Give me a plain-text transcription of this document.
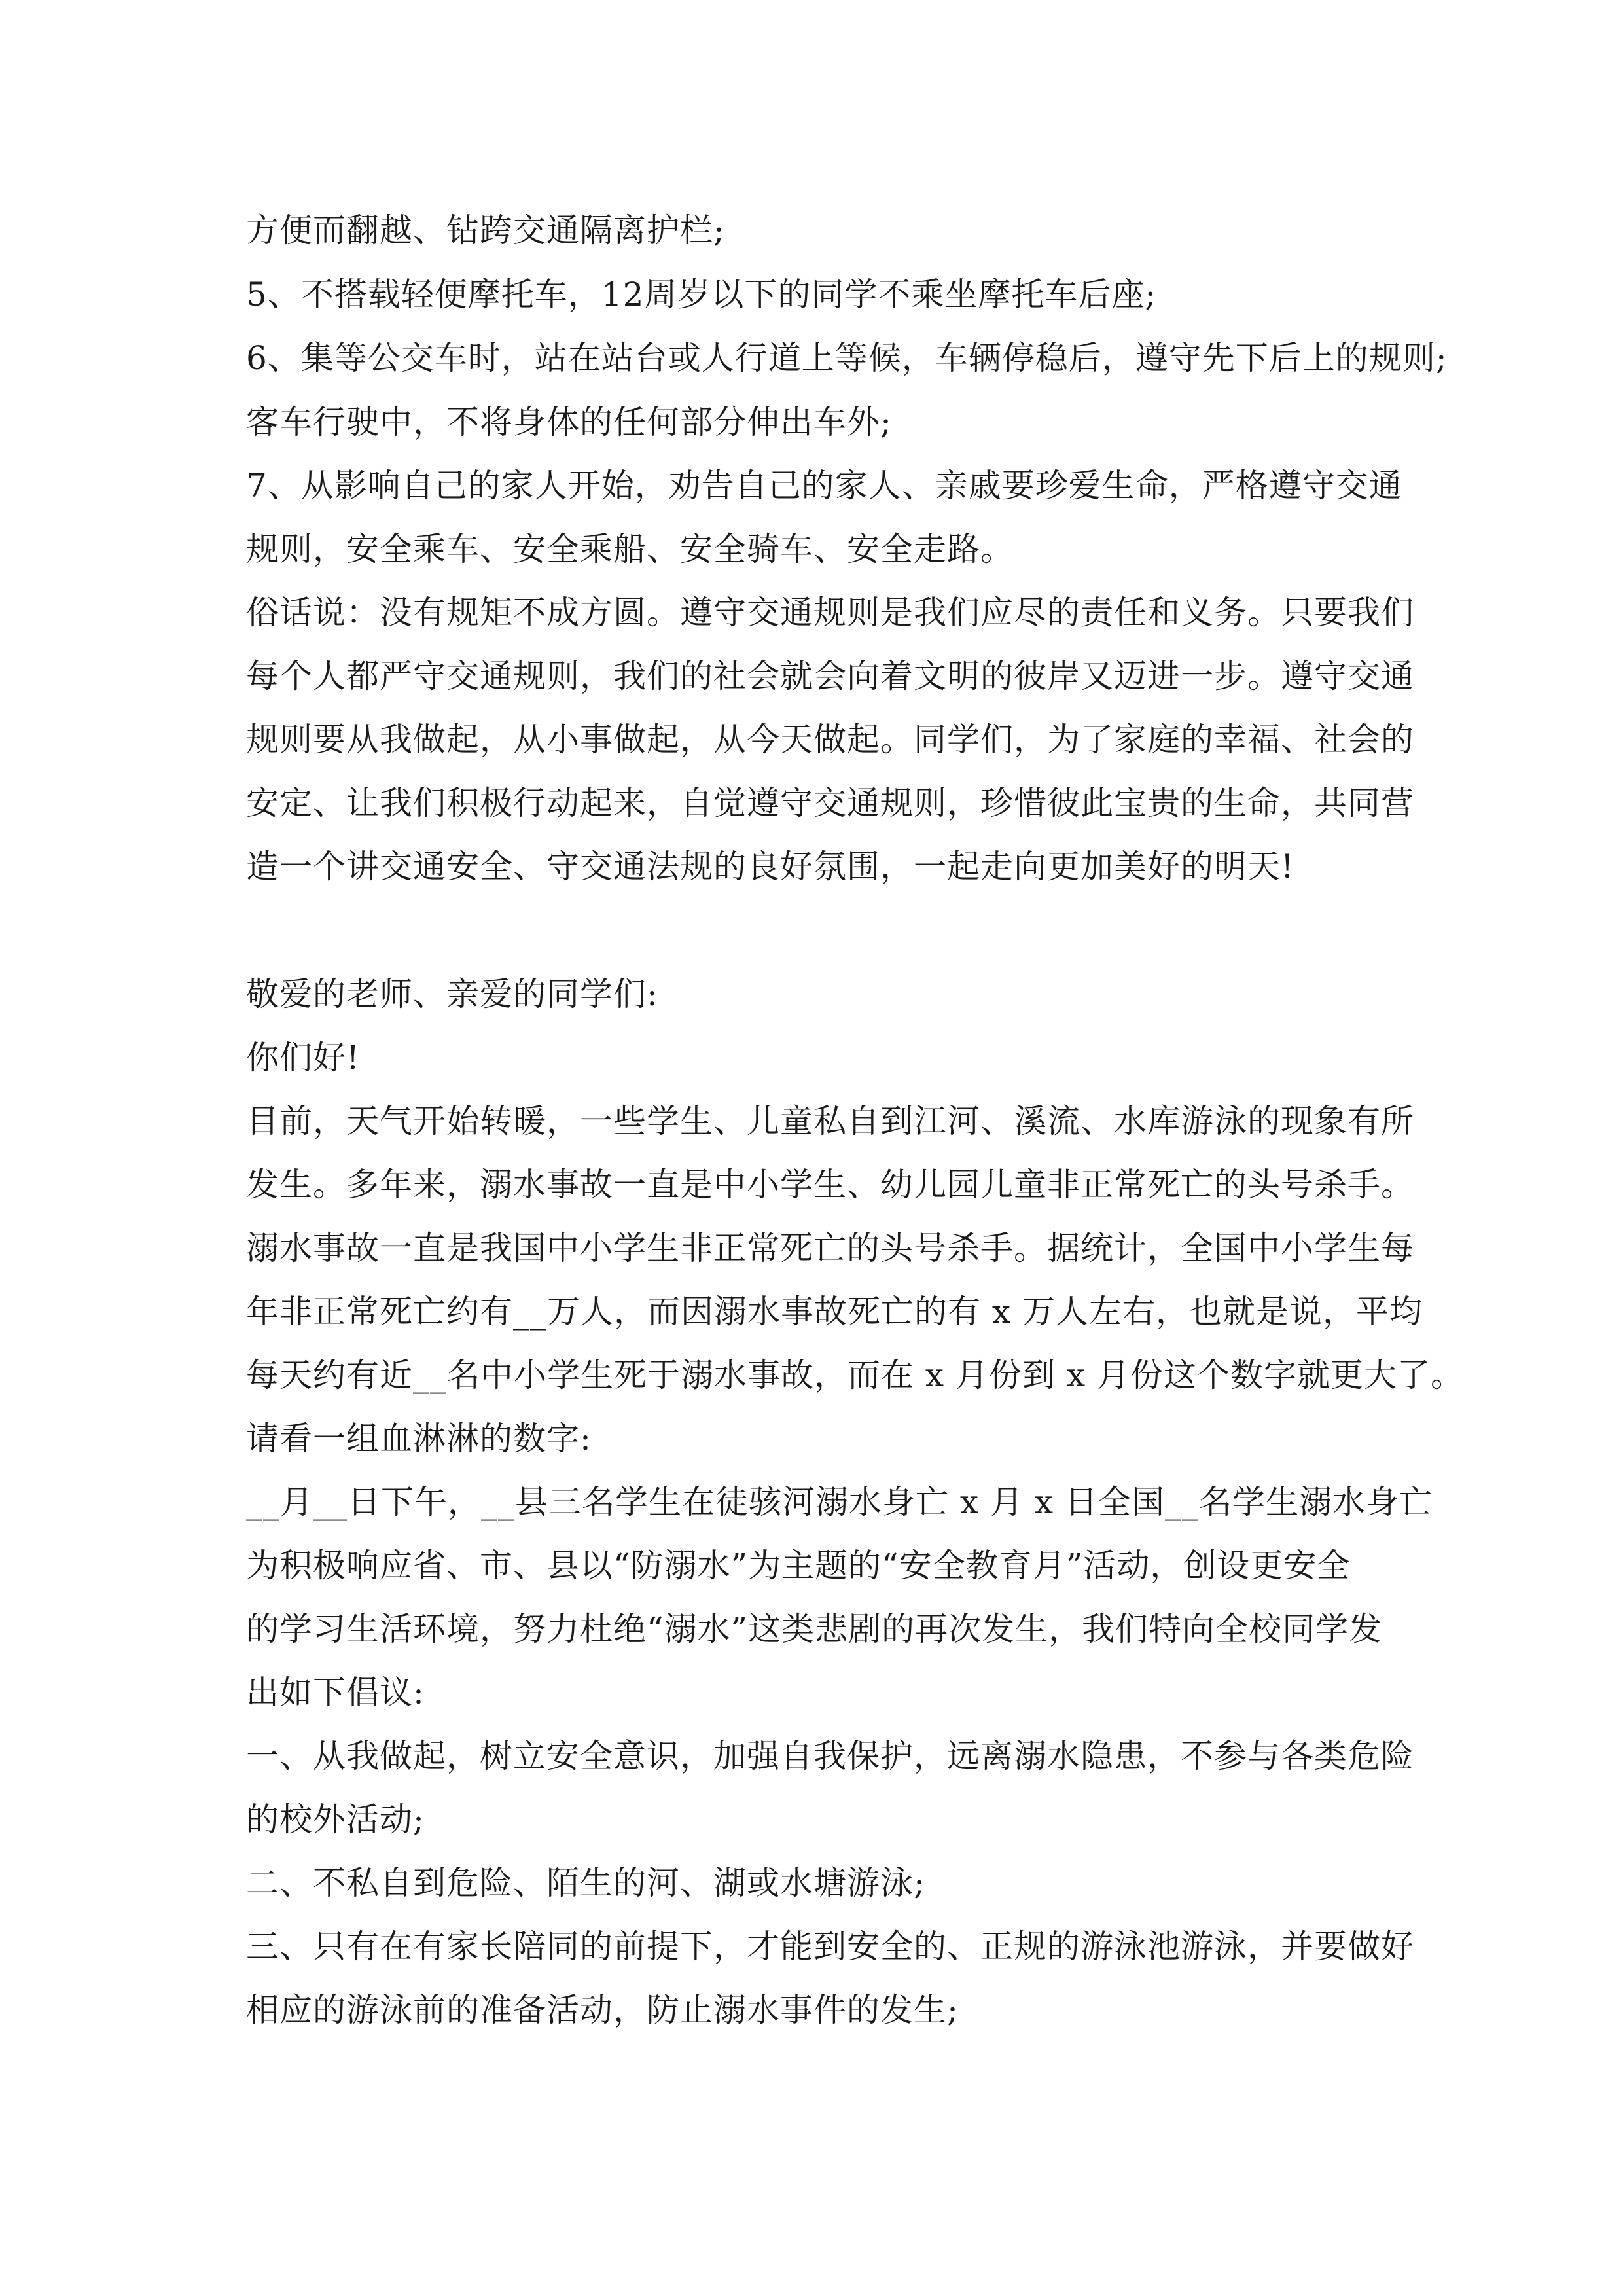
方便而翻越、钻跨交通隔离护栏;
5、不搭载轻便摩托车，12周岁以下的同学不乘坐摩托车后座;
6、集等公交车时，站在站台或人行道上等候，车辆停稳后，遵守先下后上的规则;
客车行驶中，不将身体的任何部分伸出车外;
7、从影响自己的家人开始，劝告自己的家人、亲戚要珍爱生命，严格遵守交通
规则，安全乘车、安全乘船、安全骑车、安全走路。
俗话说：没有规矩不成方圆。遵守交通规则是我们应尽的责任和义务。只要我们
每个人都严守交通规则，我们的社会就会向着文明的彼岸又迈进一步。遵守交通
规则要从我做起，从小事做起，从今天做起。同学们，为了家庭的幸福、社会的
安定、让我们积极行动起来，自觉遵守交通规则，珍惜彼此宝贵的生命，共同营
造一个讲交通安全、守交通法规的良好氛围，一起走向更加美好的明天!
敬爱的老师、亲爱的同学们:
你们好!
目前，天气开始转暖，一些学生、儿童私自到江河、溪流、水库游泳的现象有所
发生。多年来，溺水事故一直是中小学生、幼儿园儿童非正常死亡的头号杀手。
溺水事故一直是我国中小学生非正常死亡的头号杀手。据统计，全国中小学生每
年非正常死亡约有__万人，而因溺水事故死亡的有 x 万人左右，也就是说，平均
每天约有近__名中小学生死于溺水事故，而在 x 月份到 x 月份这个数字就更大了。
请看一组血淋淋的数字:
__月__日下午，__县三名学生在徒骇河溺水身亡 x 月 x 日全国__名学生溺水身亡
为积极响应省、市、县以“防溺水”为主题的“安全教育月”活动，创设更安全
的学习生活环境，努力杜绝“溺水”这类悲剧的再次发生，我们特向全校同学发
出如下倡议:
一、从我做起，树立安全意识，加强自我保护，远离溺水隐患，不参与各类危险
的校外活动;
二、不私自到危险、陌生的河、湖或水塘游泳;
三、只有在有家长陪同的前提下，才能到安全的、正规的游泳池游泳，并要做好
相应的游泳前的准备活动，防止溺水事件的发生;
